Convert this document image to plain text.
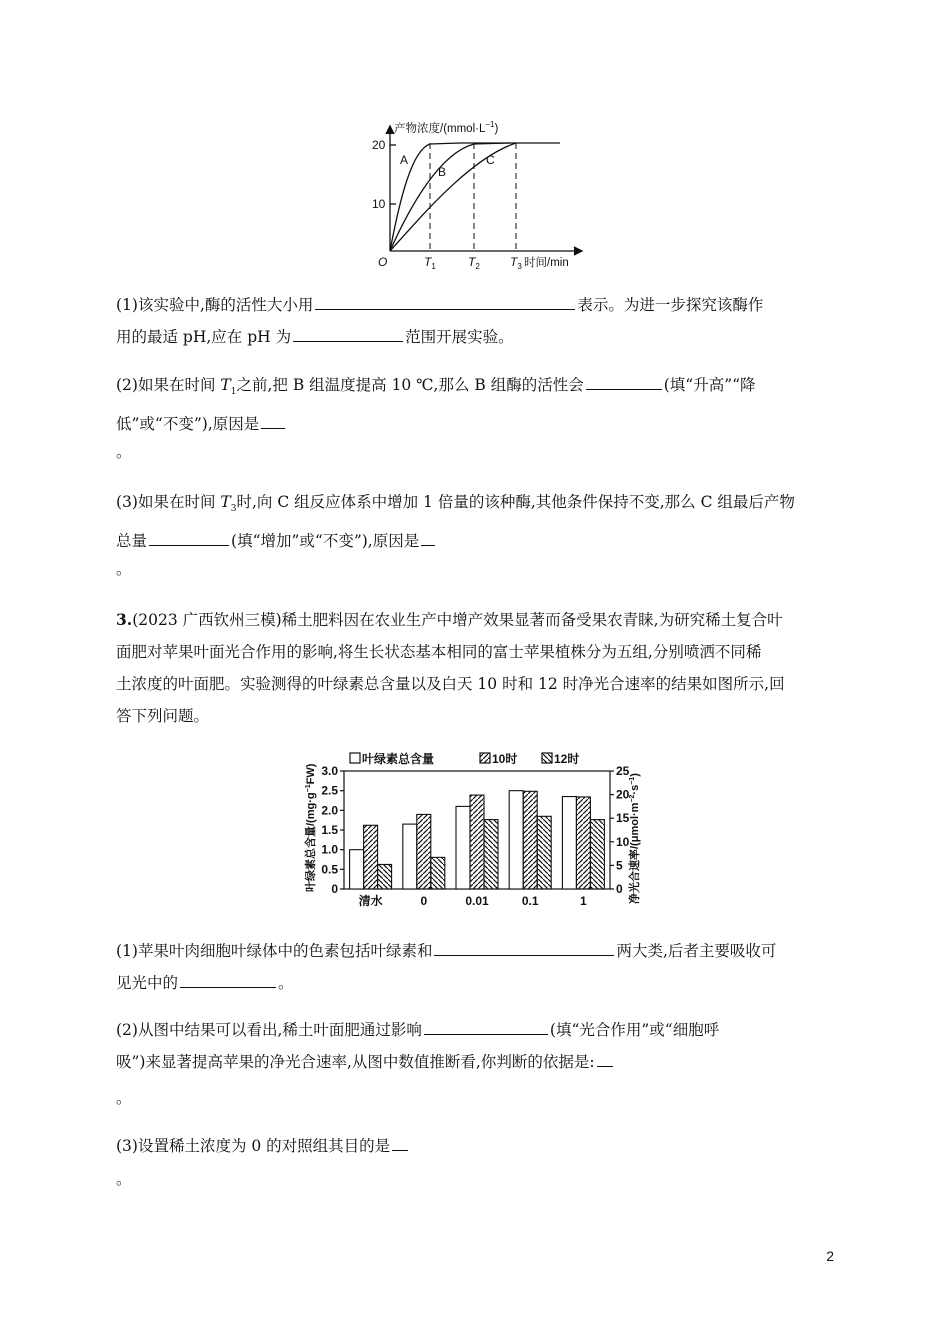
产物浓度$/(mmol\cdot L^{-1})$
20
10
O	$T_1$	$T_2$	$T_3$ 时间/min
A
B
C
(1)该实验中,酶的活性大小用	表示。为进一步探究该酶作
用的最适 pH,应在 pH 为	范围开展实验。
(2)如果在时间 $T_1$之前,把 B 组温度提高 10 ℃,那么 B 组酶的活性会	(填“升高”“降
低”或“不变”),原因是
。
(3)如果在时间 $T_3$时,向 C 组反应体系中增加 1 倍量的该种酶,其他条件保持不变,那么 C 组最后产物
总量	(填“增加”或“不变”),原因是
。
3.(2023 广西钦州三模)稀土肥料因在农业生产中增产效果显著而备受果农青睐,为研究稀土复合叶
面肥对苹果叶面光合作用的影响,将生长状态基本相同的富士苹果植株分为五组,分别喷洒不同稀
土浓度的叶面肥。实验测得的叶绿素总含量以及白天 10 时和 12 时净光合速率的结果如图所示,回
答下列问题。
0
0.5
1.0
1.5
2.0
2.5
3.0
0
5
10
15
20
25
清水	0	0.01	0.1	1
叶绿素总含量	10时	12时
叶绿素总含量$/(mg\cdot g^{-1}FW)$
净光合速率$/(\mu mol\cdot m^{-2}\cdot s^{-1})$
(1)苹果叶肉细胞叶绿体中的色素包括叶绿素和	两大类,后者主要吸收可
见光中的	。
(2)从图中结果可以看出,稀土叶面肥通过影响	(填“光合作用”或“细胞呼
吸”)来显著提高苹果的净光合速率,从图中数值推断看,你判断的依据是:
。
(3)设置稀土浓度为 0 的对照组其目的是
。
2
